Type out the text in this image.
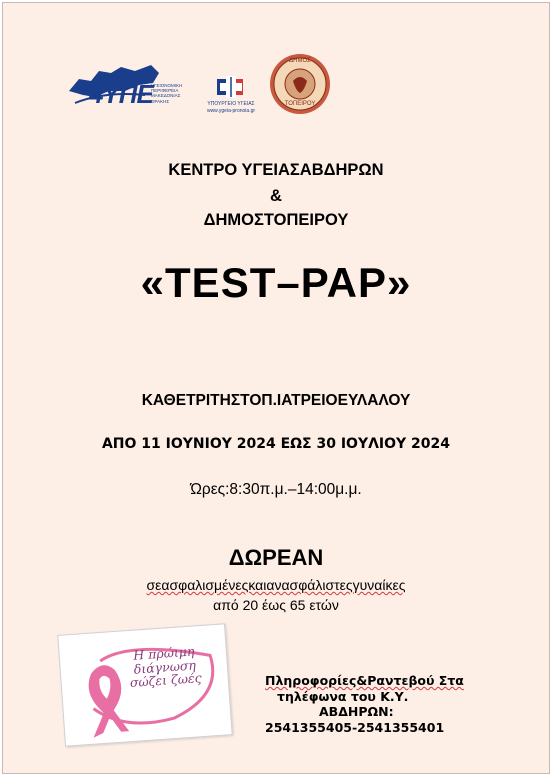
4ΥΠΕ
ΥΓΕΙΟΝΟΜΙΚΗ ΠΕΡΙΦΕΡΕΙΑ ΜΑΚΕΔΟΝΙΑΣ ΘΡΑΚΗΣ	ΥΠΟΥΡΓΕΙΟ ΥΓΕΙΑΣ
www.ygeia-pronoia.gr
ΔΗΜΟΣ
ΤΟΠΕΙΡΟΥ
ΚΕΝΤΡΟ ΥΓΕΙΑΣΑΒΔΗΡΩΝ
&
ΔΗΜΟΣΤΟΠΕΙΡΟΥ
«TEST–PAP»
ΚΑΘΕΤΡΙΤΗΣΤΟΠ.ΙΑΤΡΕΙΟΕΥΛΑΛΟΥ
ΑΠΟ 11 ΙΟΥΝΙΟΥ 2024 ΕΩΣ 30 ΙΟΥΛΙΟΥ 2024
Ώρες:8:30π.μ.–14:00μ.μ.
ΔΩΡΕΑΝ
σεασφαλισμένεςκαιανασφάλιστεςγυναίκες
από 20 έως 65 ετών
Η πρώιμη διάγνωση σώζει ζωές	Πληροφορίες&Ραντεβού Στα
τηλέφωνα του Κ.Υ.
ΑΒΔΗΡΩΝ:
2541355405-2541355401
